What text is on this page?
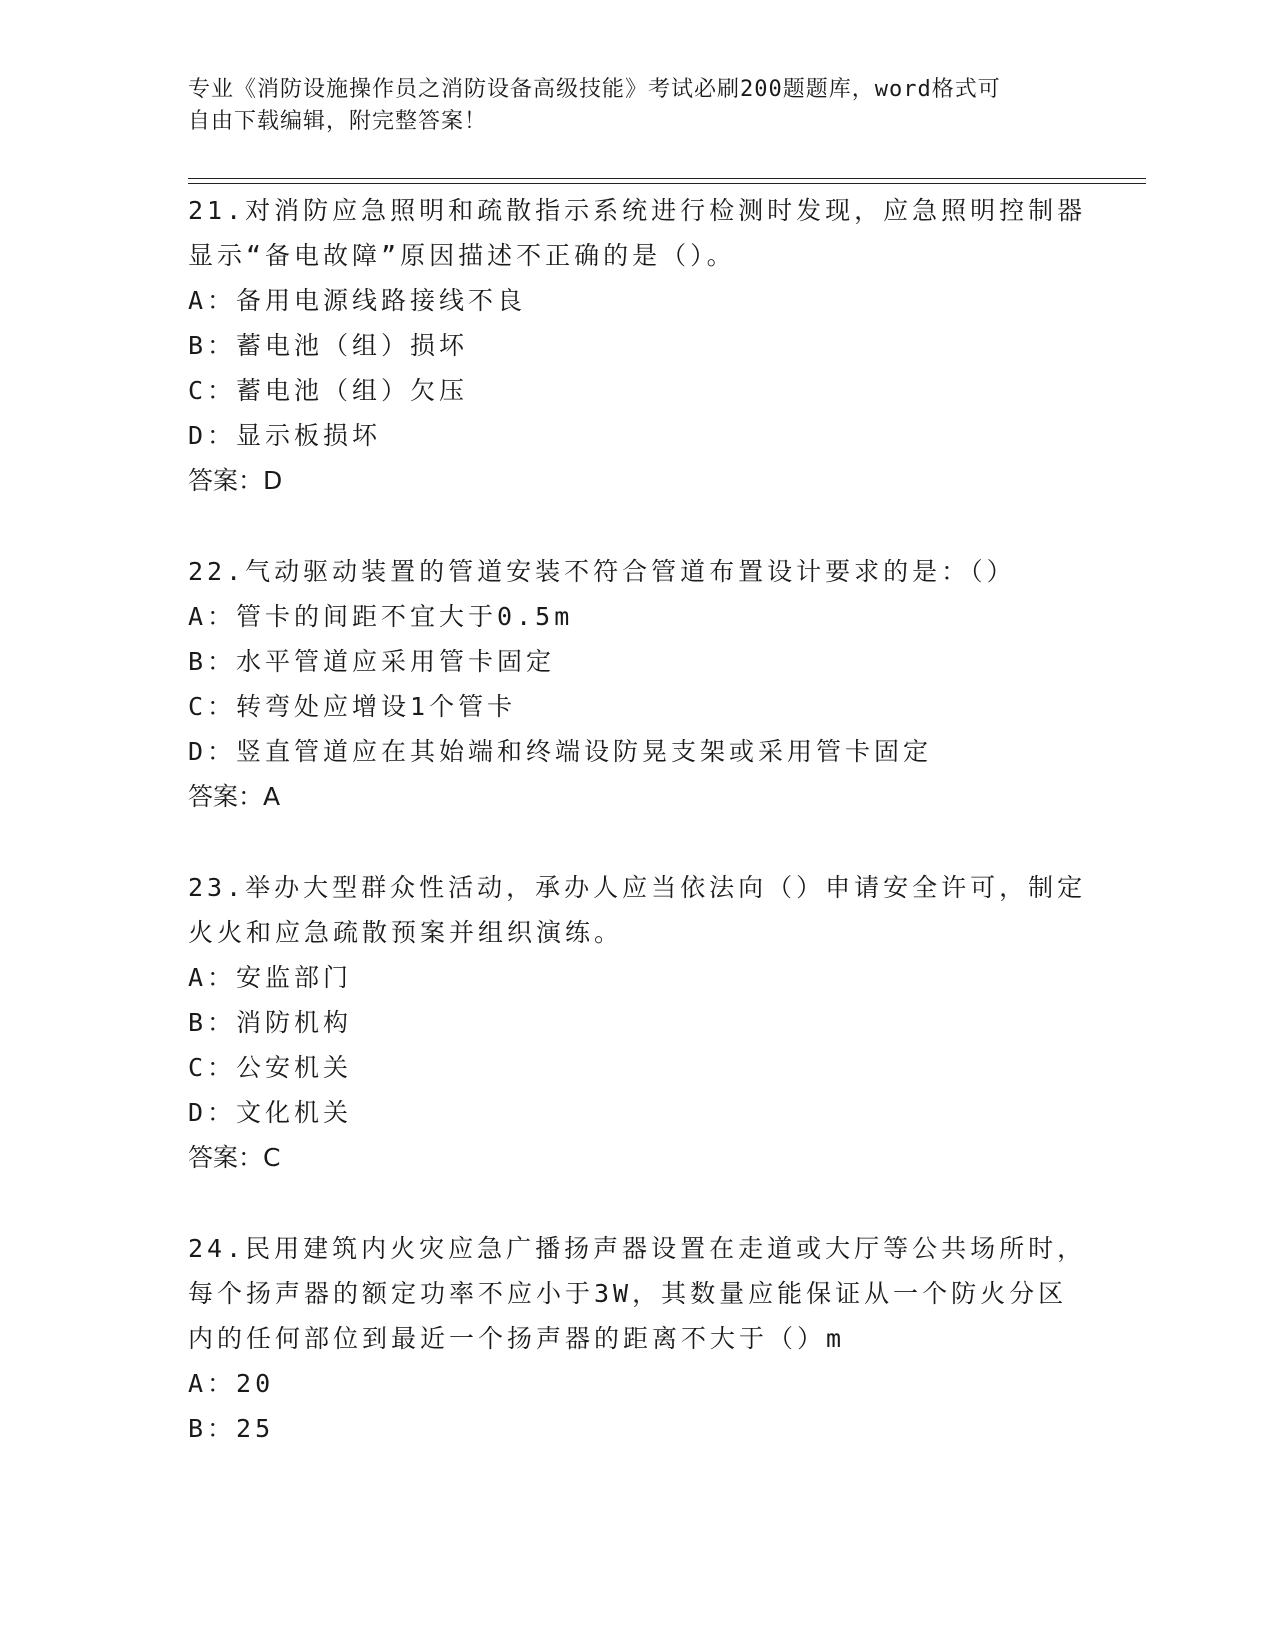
专业《消防设施操作员之消防设备高级技能》考试必刷200题题库，word格式可
自由下载编辑，附完整答案！

21.对消防应急照明和疏散指示系统进行检测时发现，应急照明控制器

显示“备电故障”原因描述不正确的是（）。

A：备用电源线路接线不良

B：蓄电池（组）损坏

C：蓄电池（组）欠压

D：显示板损坏

答案：D

22.气动驱动装置的管道安装不符合管道布置设计要求的是：（）

A：管卡的间距不宜大于0.5m

B：水平管道应采用管卡固定

C：转弯处应增设1个管卡

D：竖直管道应在其始端和终端设防晃支架或采用管卡固定

答案：A

23.举办大型群众性活动，承办人应当依法向（）申请安全许可，制定

火火和应急疏散预案并组织演练。

A：安监部门

B：消防机构

C：公安机关

D：文化机关

答案：C

24.民用建筑内火灾应急广播扬声器设置在走道或大厅等公共场所时，

每个扬声器的额定功率不应小于3W，其数量应能保证从一个防火分区

内的任何部位到最近一个扬声器的距离不大于（）m

A：20

B：25
